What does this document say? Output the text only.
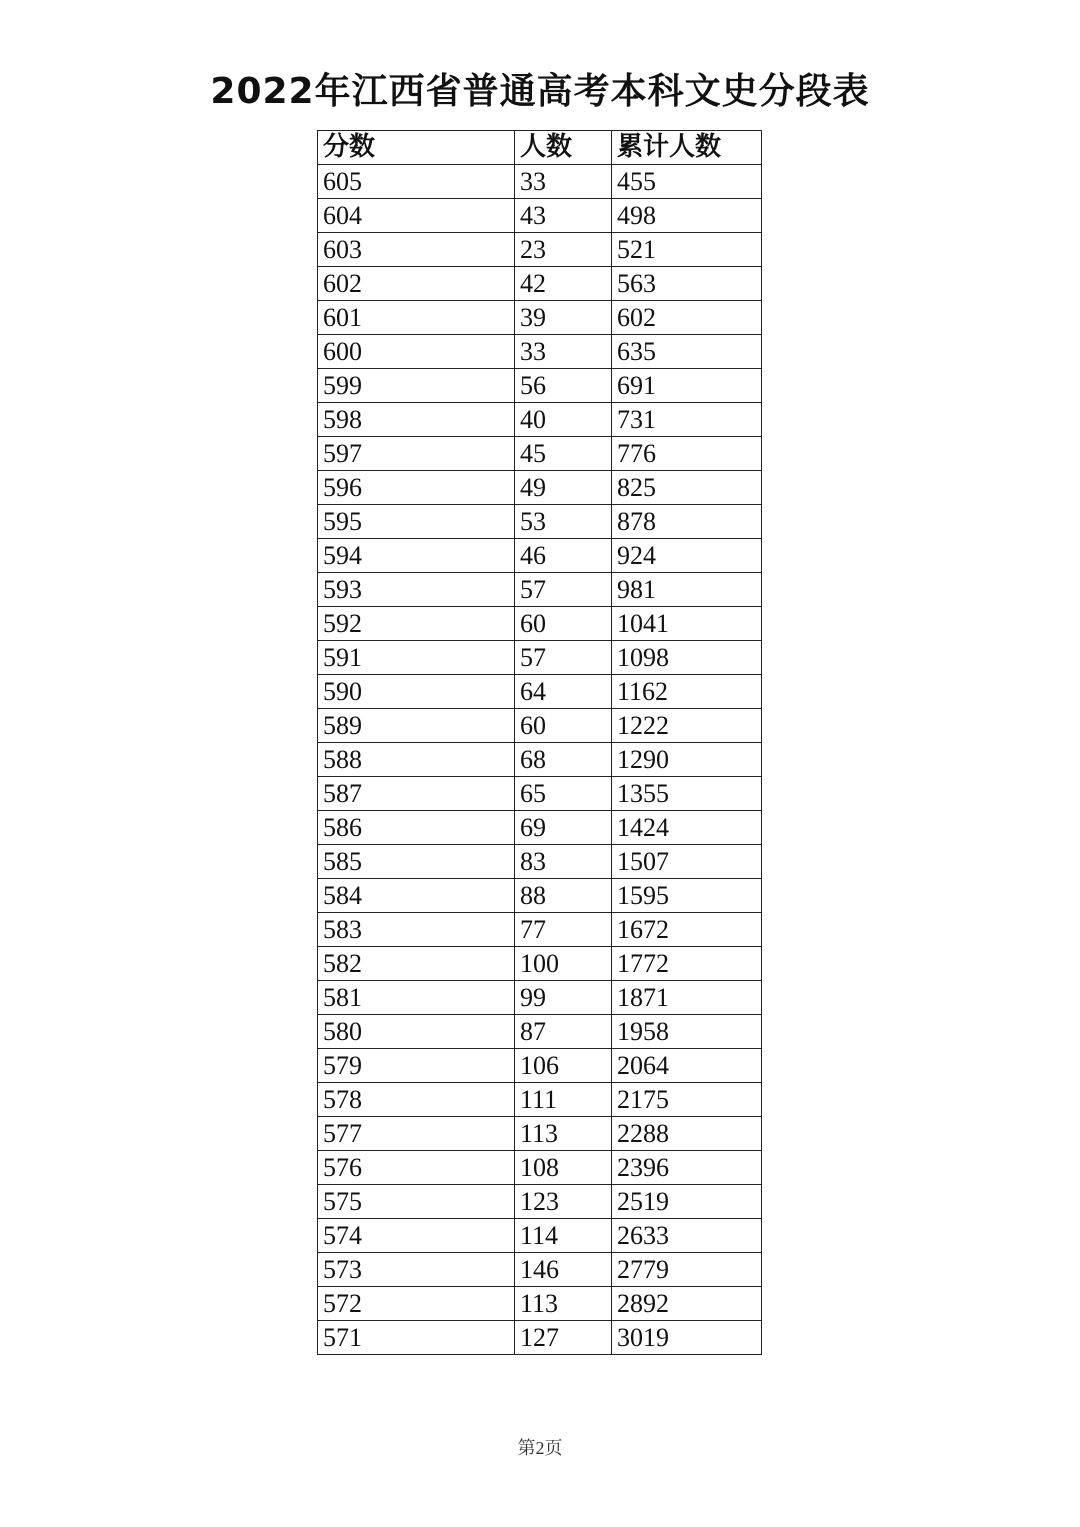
2022年江西省普通高考本科文史分段表
分数	人数	累计人数
605	33	455
604	43	498
603	23	521
602	42	563
601	39	602
600	33	635
599	56	691
598	40	731
597	45	776
596	49	825
595	53	878
594	46	924
593	57	981
592	60	1041
591	57	1098
590	64	1162
589	60	1222
588	68	1290
587	65	1355
586	69	1424
585	83	1507
584	88	1595
583	77	1672
582	100	1772
581	99	1871
580	87	1958
579	106	2064
578	111	2175
577	113	2288
576	108	2396
575	123	2519
574	114	2633
573	146	2779
572	113	2892
571	127	3019
第2页
